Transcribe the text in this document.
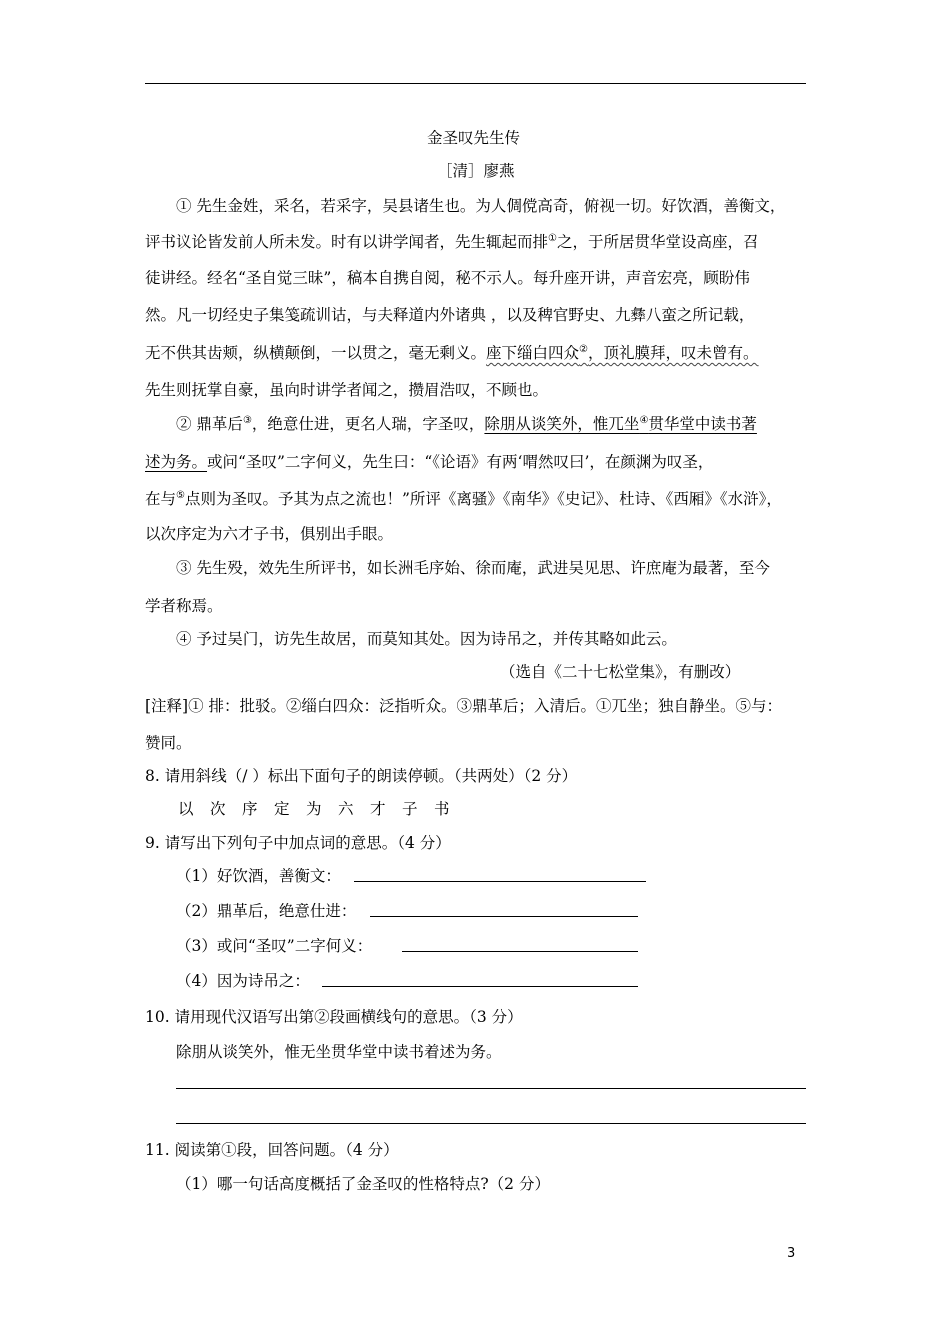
金圣叹先生传
［清］廖燕
① 先生金姓，采名，若采字，吴县诸生也。为人倜傥高奇，俯视一切。好饮酒，善衡文，
评书议论皆发前人所未发。时有以讲学闻者，先生辄起而排①之，于所居贯华堂设高座，召
徒讲经。经名“圣自觉三昧”，稿本自携自阅，秘不示人。每升座开讲，声音宏亮，顾盼伟
然。凡一切经史子集笺疏训诂，与夫释道内外诸典 ，以及稗官野史、九彝八蛮之所记载，
无不供其齿颊，纵横颠倒，一以贯之，毫无剩义。座下缁白四众②，顶礼膜拜，叹未曾有。
先生则抚掌自豪，虽向时讲学者闻之，攒眉浩叹，不顾也。
② 鼎革后③，绝意仕进，更名人瑞，字圣叹，除朋从谈笑外，惟兀坐④贯华堂中读书著
述为务。或问“圣叹”二字何义，先生曰：“《论语》有两‘喟然叹曰’，在颜渊为叹圣，
在与⑤点则为圣叹。予其为点之流也！”所评《离骚》《南华》《史记》、杜诗、《西厢》《水浒》，
以次序定为六才子书，俱别出手眼。
③ 先生殁，效先生所评书，如长洲毛序始、徐而庵，武进吴见思、许庶庵为最著，至今
学者称焉。
④ 予过吴门，访先生故居，而莫知其处。因为诗吊之，并传其略如此云。
（选自《二十七松堂集》，有删改）
[注释]① 排：批驳。②缁白四众：泛指听众。③鼎革后；入清后。①兀坐；独自静坐。⑤与：
赞同。
8. 请用斜线（/ ）标出下面句子的朗读停顿。（共两处）（2 分）
以 次 序 定 为 六 才 子 书
9. 请写出下列句子中加点词的意思。（4 分）
（1）好饮酒，善衡文：
（2）鼎革后，绝意仕进：
（3）或问“圣叹”二字何义：
（4）因为诗吊之：
10. 请用现代汉语写出第②段画横线句的意思。（3 分）
除朋从谈笑外，惟无坐贯华堂中读书着述为务。
11. 阅读第①段，回答问题。（4 分）
（1）哪一句话高度概括了金圣叹的性格特点?（2 分）
3
